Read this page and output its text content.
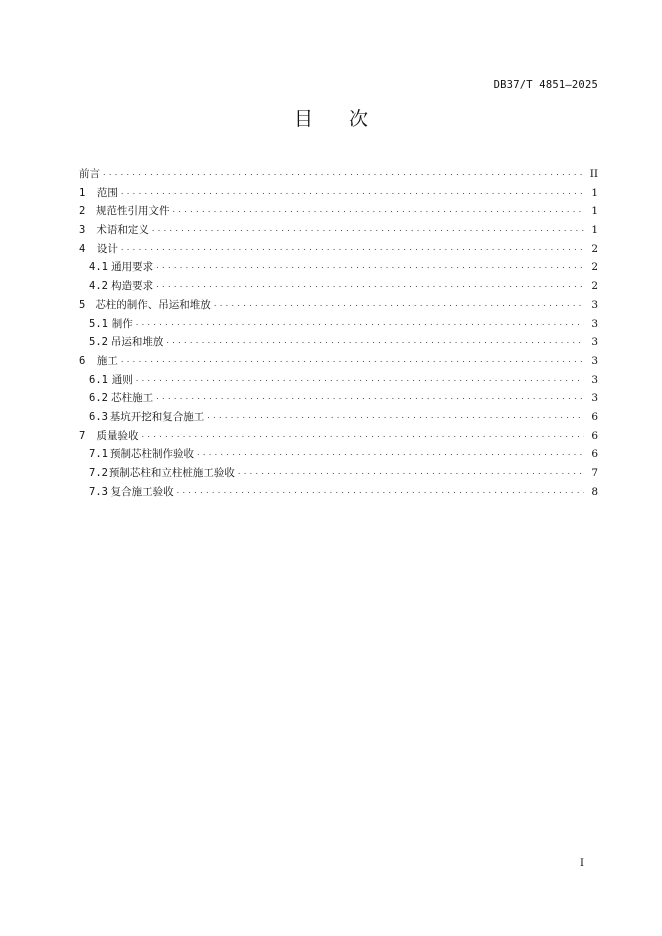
DB37/T 4851—2025
目 次
前言 . . .	II
1	范围 . . .	1
2	规范性引用文件 . . .	1
3	术语和定义 . . .	1
4	设计 . . .	2
4.1 通用要求 . . .	2
4.2 构造要求 . . .	2
5 芯柱的制作、吊运和堆放 . . .	3
5.1 制作 . . .	3
5.2 吊运和堆放 . . .	3
6	施工 . . .	3
6.1 通则 . . .	3
6.2 芯柱施工 . . .	3
6.3 基坑开挖和复合施工 . . .	6
7	质量验收 . . .	6
7.1 预制芯柱制作验收 . . .	6
7.2 预制芯柱和立柱桩施工验收 . . .	7
7.3 复合施工验收 . . .	8
I
